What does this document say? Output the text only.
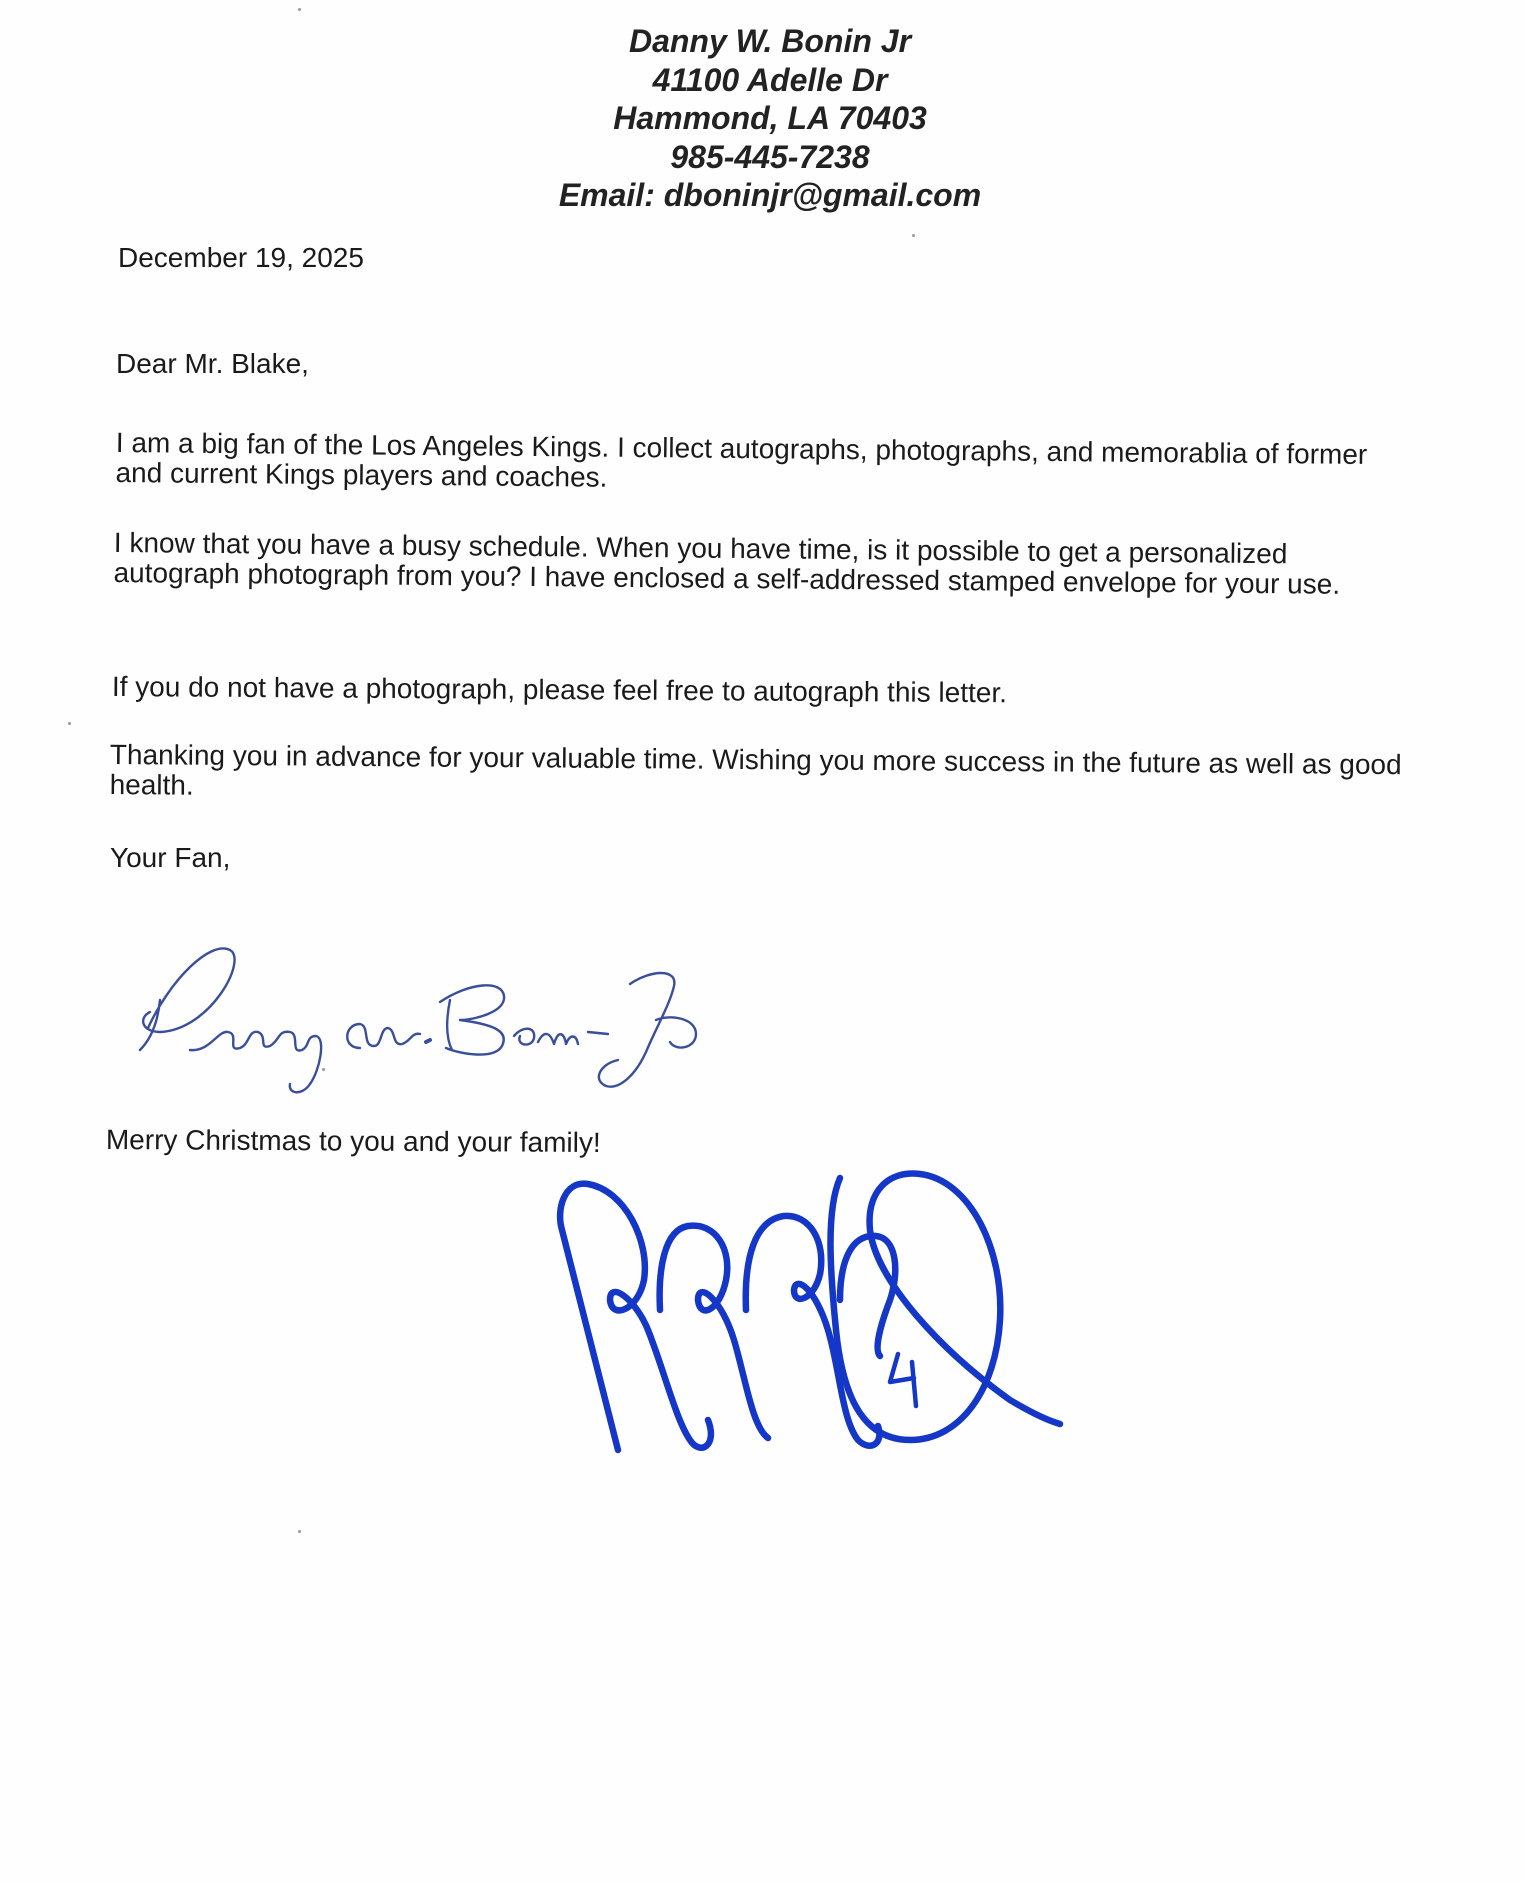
Danny W. Bonin Jr
41100 Adelle Dr
Hammond, LA 70403
985-445-7238
Email: dboninjr@gmail.com
December 19, 2025
Dear Mr. Blake,
I am a big fan of the Los Angeles Kings. I collect autographs, photographs, and memorablia of former and current Kings players and coaches.
I know that you have a busy schedule. When you have time, is it possible to get a personalized autograph photograph from you? I have enclosed a self-addressed stamped envelope for your use.
If you do not have a photograph, please feel free to autograph this letter.
Thanking you in advance for your valuable time. Wishing you more success in the future as well as good health.
Your Fan,
Merry Christmas to you and your family!
